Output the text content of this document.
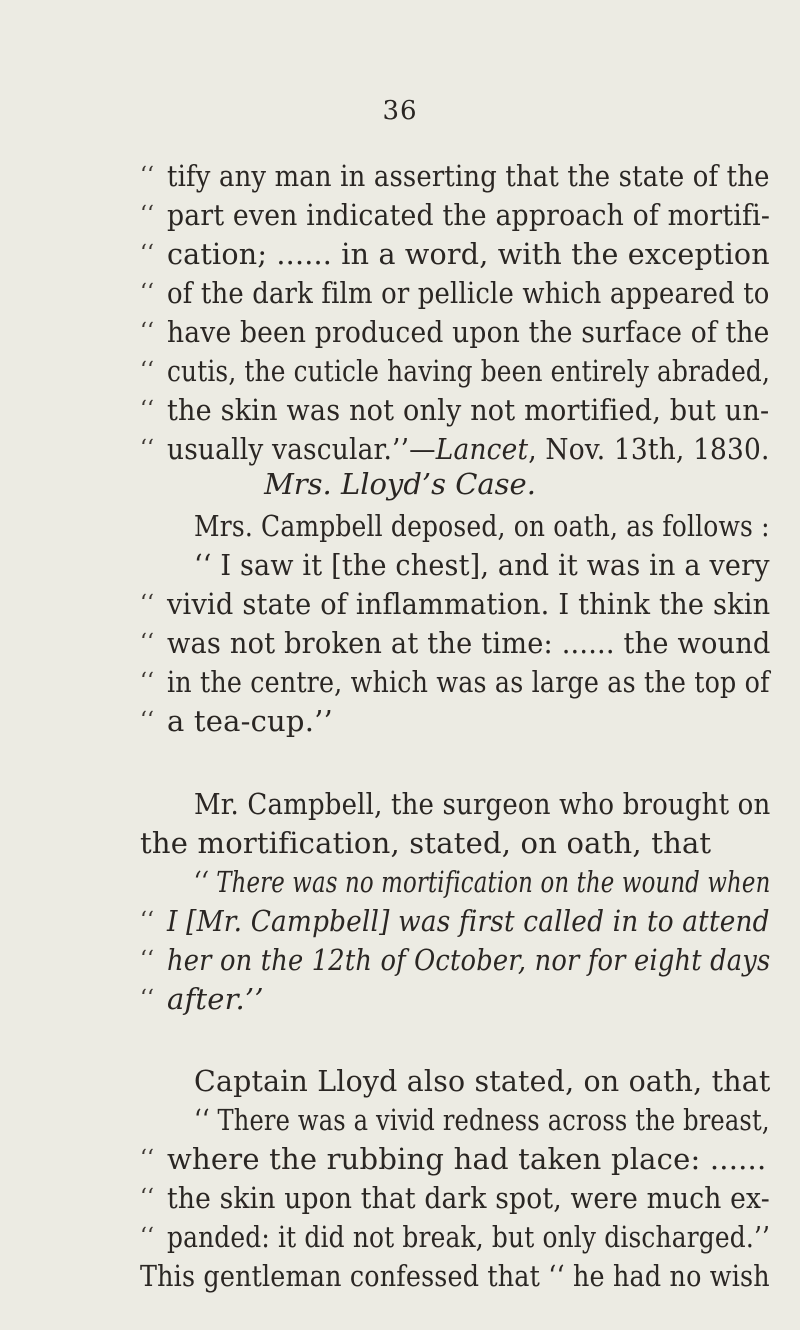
36
‘‘ tify any man in asserting that the state of the
‘‘ part even indicated the approach of mortifi-
‘‘ cation; ...... in a word, with the exception
‘‘ of the dark film or pellicle which appeared to
‘‘ have been produced upon the surface of the
‘‘ cutis, the cuticle having been entirely abraded,
‘‘ the skin was not only not mortified, but un-
‘‘ usually vascular.’’—Lancet, Nov. 13th, 1830.
Mrs. Lloyd’s Case.
Mrs. Campbell deposed, on oath, as follows :
‘‘ I saw it [the chest], and it was in a very
‘‘ vivid state of inflammation. I think the skin
‘‘ was not broken at the time: ...... the wound
‘‘ in the centre, which was as large as the top of
‘‘ a tea-cup.’’
Mr. Campbell, the surgeon who brought on
the mortification, stated, on oath, that
‘‘ There was no mortification on the wound when
‘‘ I [Mr. Campbell] was first called in to attend
‘‘ her on the 12th of October, nor for eight days
‘‘ after.’’
Captain Lloyd also stated, on oath, that
‘‘ There was a vivid redness across the breast,
‘‘ where the rubbing had taken place: ......
‘‘ the skin upon that dark spot, were much ex-
‘‘ panded: it did not break, but only discharged.’’
This gentleman confessed that ‘‘ he had no wish
